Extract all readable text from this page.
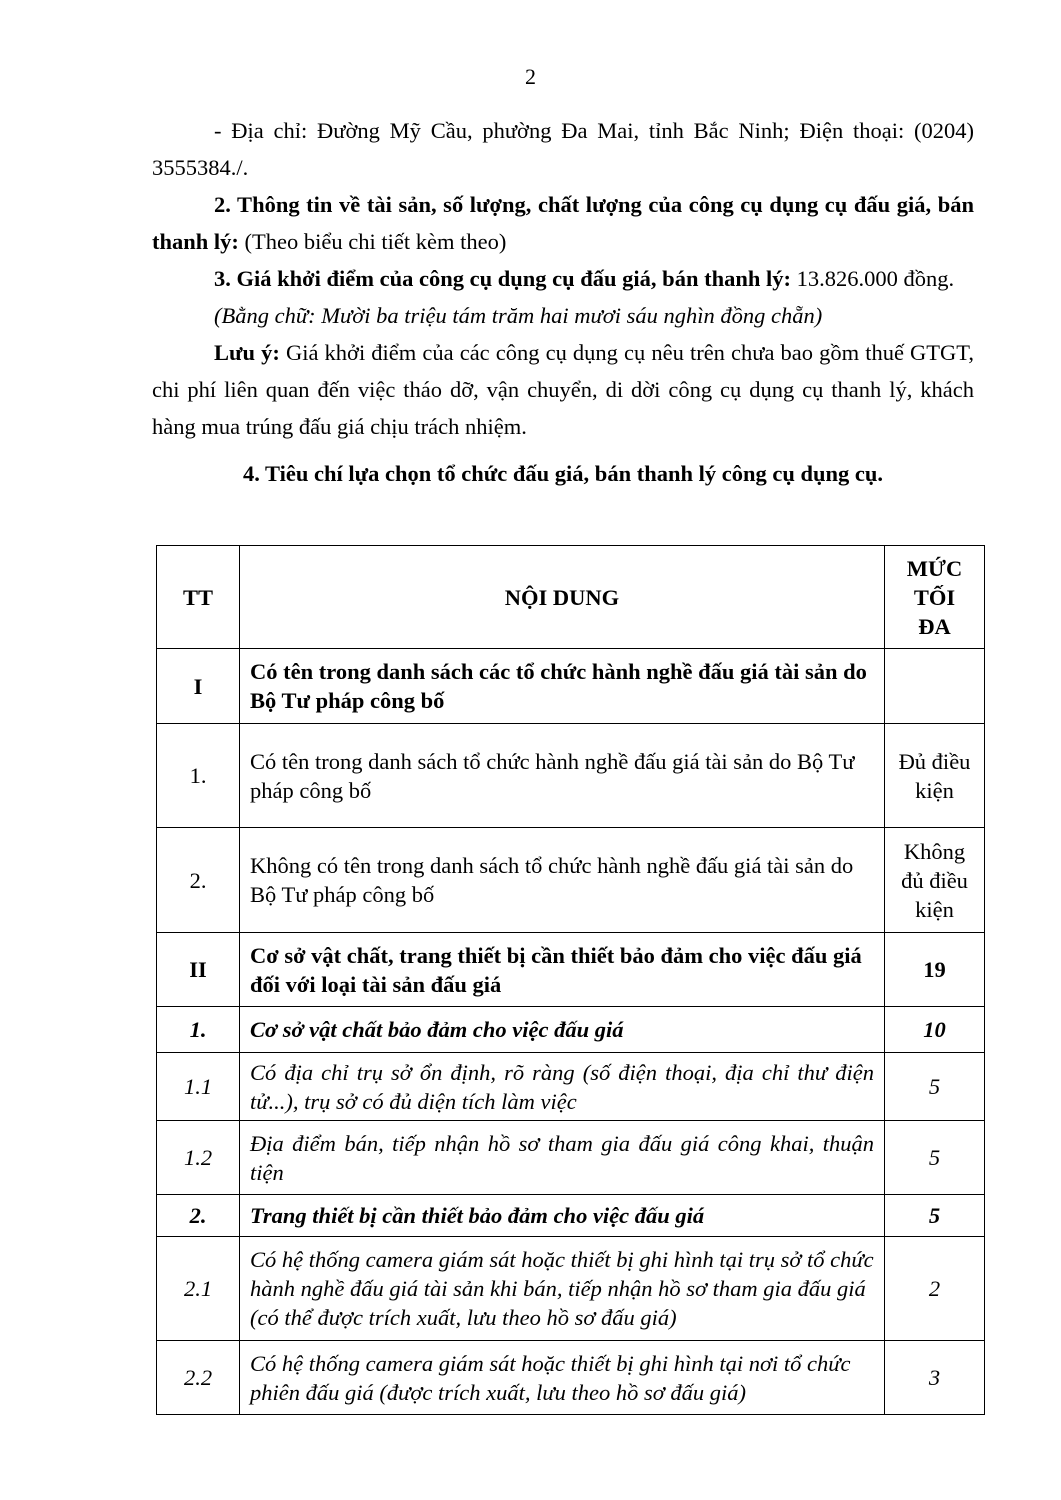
2

- Địa chỉ: Đường Mỹ Cầu, phường Đa Mai, tỉnh Bắc Ninh; Điện thoại: (0204) 3555384./.

2. Thông tin về tài sản, số lượng, chất lượng của công cụ dụng cụ đấu giá, bán thanh lý: (Theo biểu chi tiết kèm theo)

3. Giá khởi điểm của công cụ dụng cụ đấu giá, bán thanh lý: 13.826.000 đồng.

(Bằng chữ: Mười ba triệu tám trăm hai mươi sáu nghìn đồng chẵn)

Lưu ý: Giá khởi điểm của các công cụ dụng cụ nêu trên chưa bao gồm thuế GTGT, chi phí liên quan đến việc tháo dỡ, vận chuyển, di dời công cụ dụng cụ thanh lý, khách hàng mua trúng đấu giá chịu trách nhiệm.

4. Tiêu chí lựa chọn tổ chức đấu giá, bán thanh lý công cụ dụng cụ.

TT	NỘI DUNG	MỨC TỐI ĐA
I	Có tên trong danh sách các tổ chức hành nghề đấu giá tài sản do Bộ Tư pháp công bố	
1.	Có tên trong danh sách tổ chức hành nghề đấu giá tài sản do Bộ Tư pháp công bố	Đủ điều kiện
2.	Không có tên trong danh sách tổ chức hành nghề đấu giá tài sản do Bộ Tư pháp công bố	Không đủ điều kiện
II	Cơ sở vật chất, trang thiết bị cần thiết bảo đảm cho việc đấu giá đối với loại tài sản đấu giá	19
1.	Cơ sở vật chất bảo đảm cho việc đấu giá	10
1.1	Có địa chỉ trụ sở ổn định, rõ ràng (số điện thoại, địa chỉ thư điện tử...), trụ sở có đủ diện tích làm việc	5
1.2	Địa điểm bán, tiếp nhận hồ sơ tham gia đấu giá công khai, thuận tiện	5
2.	Trang thiết bị cần thiết bảo đảm cho việc đấu giá	5
2.1	Có hệ thống camera giám sát hoặc thiết bị ghi hình tại trụ sở tổ chức hành nghề đấu giá tài sản khi bán, tiếp nhận hồ sơ tham gia đấu giá (có thể được trích xuất, lưu theo hồ sơ đấu giá)	2
2.2	Có hệ thống camera giám sát hoặc thiết bị ghi hình tại nơi tổ chức phiên đấu giá (được trích xuất, lưu theo hồ sơ đấu giá)	3
